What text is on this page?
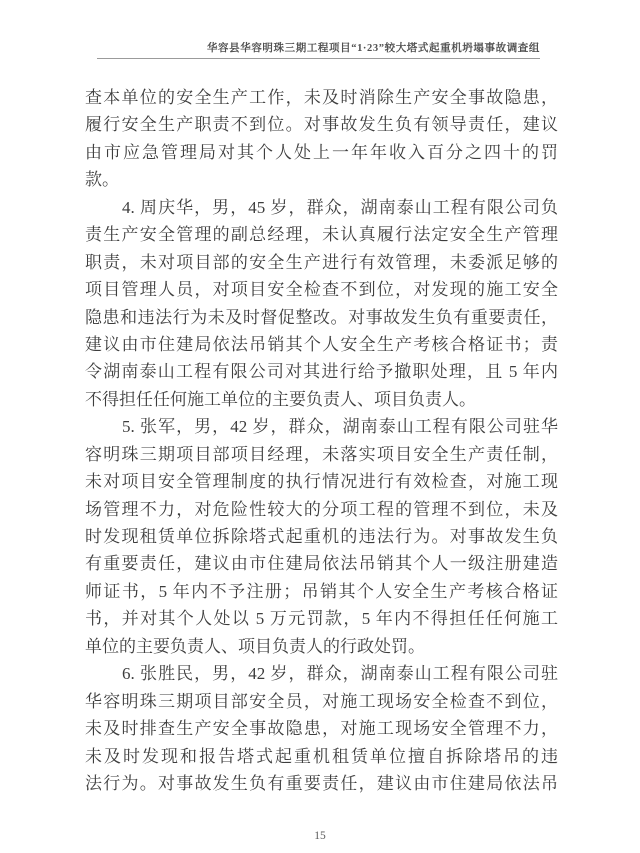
华容县华容明珠三期工程项目“1·23”较大塔式起重机坍塌事故调查组
查本单位的安全生产工作，未及时消除生产安全事故隐患，
履行安全生产职责不到位。对事故发生负有领导责任，建议
由市应急管理局对其个人处上一年年收入百分之四十的罚
款。
4. 周庆华，男，45 岁，群众，湖南泰山工程有限公司负
责生产安全管理的副总经理，未认真履行法定安全生产管理
职责，未对项目部的安全生产进行有效管理，未委派足够的
项目管理人员，对项目安全检查不到位，对发现的施工安全
隐患和违法行为未及时督促整改。对事故发生负有重要责任，
建议由市住建局依法吊销其个人安全生产考核合格证书；责
令湖南泰山工程有限公司对其进行给予撤职处理，且 5 年内
不得担任任何施工单位的主要负责人、项目负责人。
5. 张军，男，42 岁，群众，湖南泰山工程有限公司驻华
容明珠三期项目部项目经理，未落实项目安全生产责任制，
未对项目安全管理制度的执行情况进行有效检查，对施工现
场管理不力，对危险性较大的分项工程的管理不到位，未及
时发现租赁单位拆除塔式起重机的违法行为。对事故发生负
有重要责任，建议由市住建局依法吊销其个人一级注册建造
师证书，5 年内不予注册；吊销其个人安全生产考核合格证
书，并对其个人处以 5 万元罚款，5 年内不得担任任何施工
单位的主要负责人、项目负责人的行政处罚。
6. 张胜民，男，42 岁，群众，湖南泰山工程有限公司驻
华容明珠三期项目部安全员，对施工现场安全检查不到位，
未及时排查生产安全事故隐患，对施工现场安全管理不力，
未及时发现和报告塔式起重机租赁单位擅自拆除塔吊的违
法行为。对事故发生负有重要责任，建议由市住建局依法吊
15
